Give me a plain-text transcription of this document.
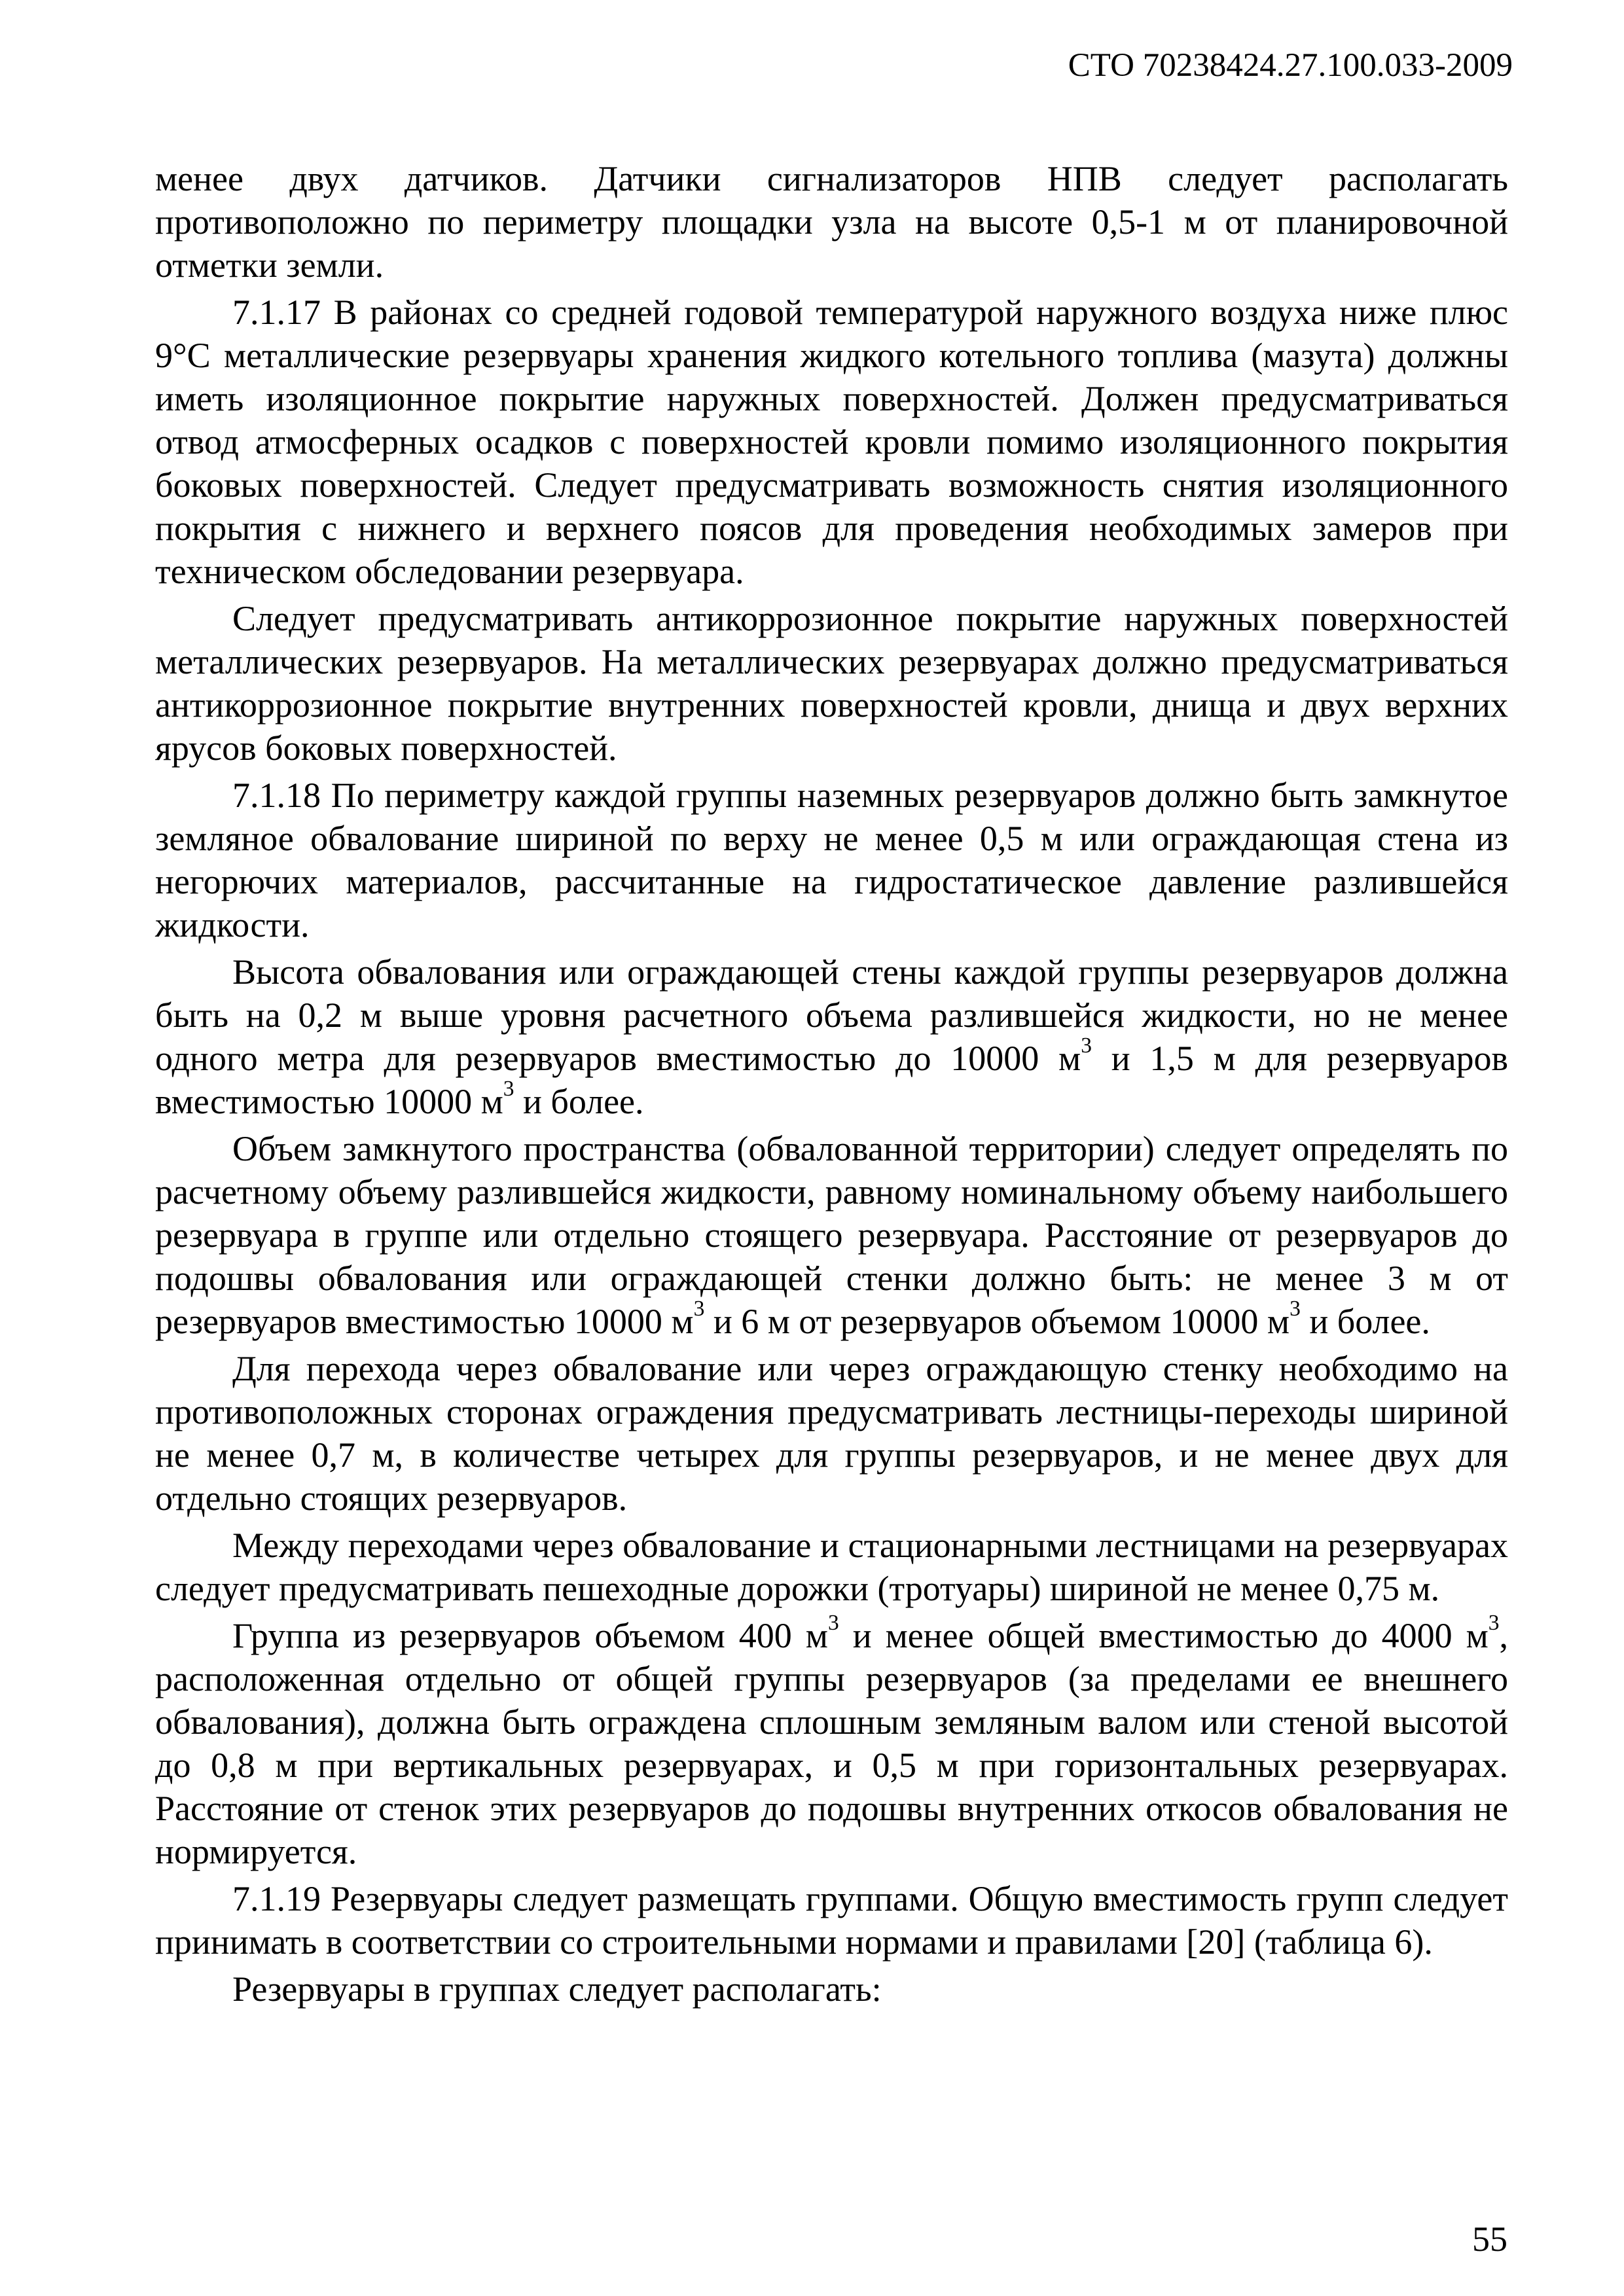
СТО 70238424.27.100.033-2009

менее двух датчиков. Датчики сигнализаторов НПВ следует располагать противоположно по периметру площадки узла на высоте 0,5-1 м от планировочной отметки земли.

7.1.17 В районах со средней годовой температурой наружного воздуха ниже плюс 9°С металлические резервуары хранения жидкого котельного топлива (мазута) должны иметь изоляционное покрытие наружных поверхностей. Должен предусматриваться отвод атмосферных осадков с поверхностей кровли помимо изоляционного покрытия боковых поверхностей. Следует предусматривать возможность снятия изоляционного покрытия с нижнего и верхнего поясов для проведения необходимых замеров при техническом обследовании резервуара.

Следует предусматривать антикоррозионное покрытие наружных поверхностей металлических резервуаров. На металлических резервуарах должно предусматриваться антикоррозионное покрытие внутренних поверхностей кровли, днища и двух верхних ярусов боковых поверхностей.

7.1.18 По периметру каждой группы наземных резервуаров должно быть замкнутое земляное обвалование шириной по верху не менее 0,5 м или ограждающая стена из негорючих материалов, рассчитанные на гидростатическое давление разлившейся жидкости.

Высота обвалования или ограждающей стены каждой группы резервуаров должна быть на 0,2 м выше уровня расчетного объема разлившейся жидкости, но не менее одного метра для резервуаров вместимостью до 10000 $м^3$ и 1,5 м для резервуаров вместимостью 10000 $м^3$ и более.

Объем замкнутого пространства (обвалованной территории) следует определять по расчетному объему разлившейся жидкости, равному номинальному объему наибольшего резервуара в группе или отдельно стоящего резервуара. Расстояние от резервуаров до подошвы обвалования или ограждающей стенки должно быть: не менее 3 м от резервуаров вместимостью 10000 $м^3$ и 6 м от резервуаров объемом 10000 $м^3$ и более.

Для перехода через обвалование или через ограждающую стенку необходимо на противоположных сторонах ограждения предусматривать лестницы-переходы шириной не менее 0,7 м, в количестве четырех для группы резервуаров, и не менее двух для отдельно стоящих резервуаров.

Между переходами через обвалование и стационарными лестницами на резервуарах следует предусматривать пешеходные дорожки (тротуары) шириной не менее 0,75 м.

Группа из резервуаров объемом 400 $м^3$ и менее общей вместимостью до 4000 $м^3$, расположенная отдельно от общей группы резервуаров (за пределами ее внешнего обвалования), должна быть ограждена сплошным земляным валом или стеной высотой до 0,8 м при вертикальных резервуарах, и 0,5 м при горизонтальных резервуарах. Расстояние от стенок этих резервуаров до подошвы внутренних откосов обвалования не нормируется.

7.1.19 Резервуары следует размещать группами. Общую вместимость групп следует принимать в соответствии со строительными нормами и правилами [20] (таблица 6).

Резервуары в группах следует располагать:

55
